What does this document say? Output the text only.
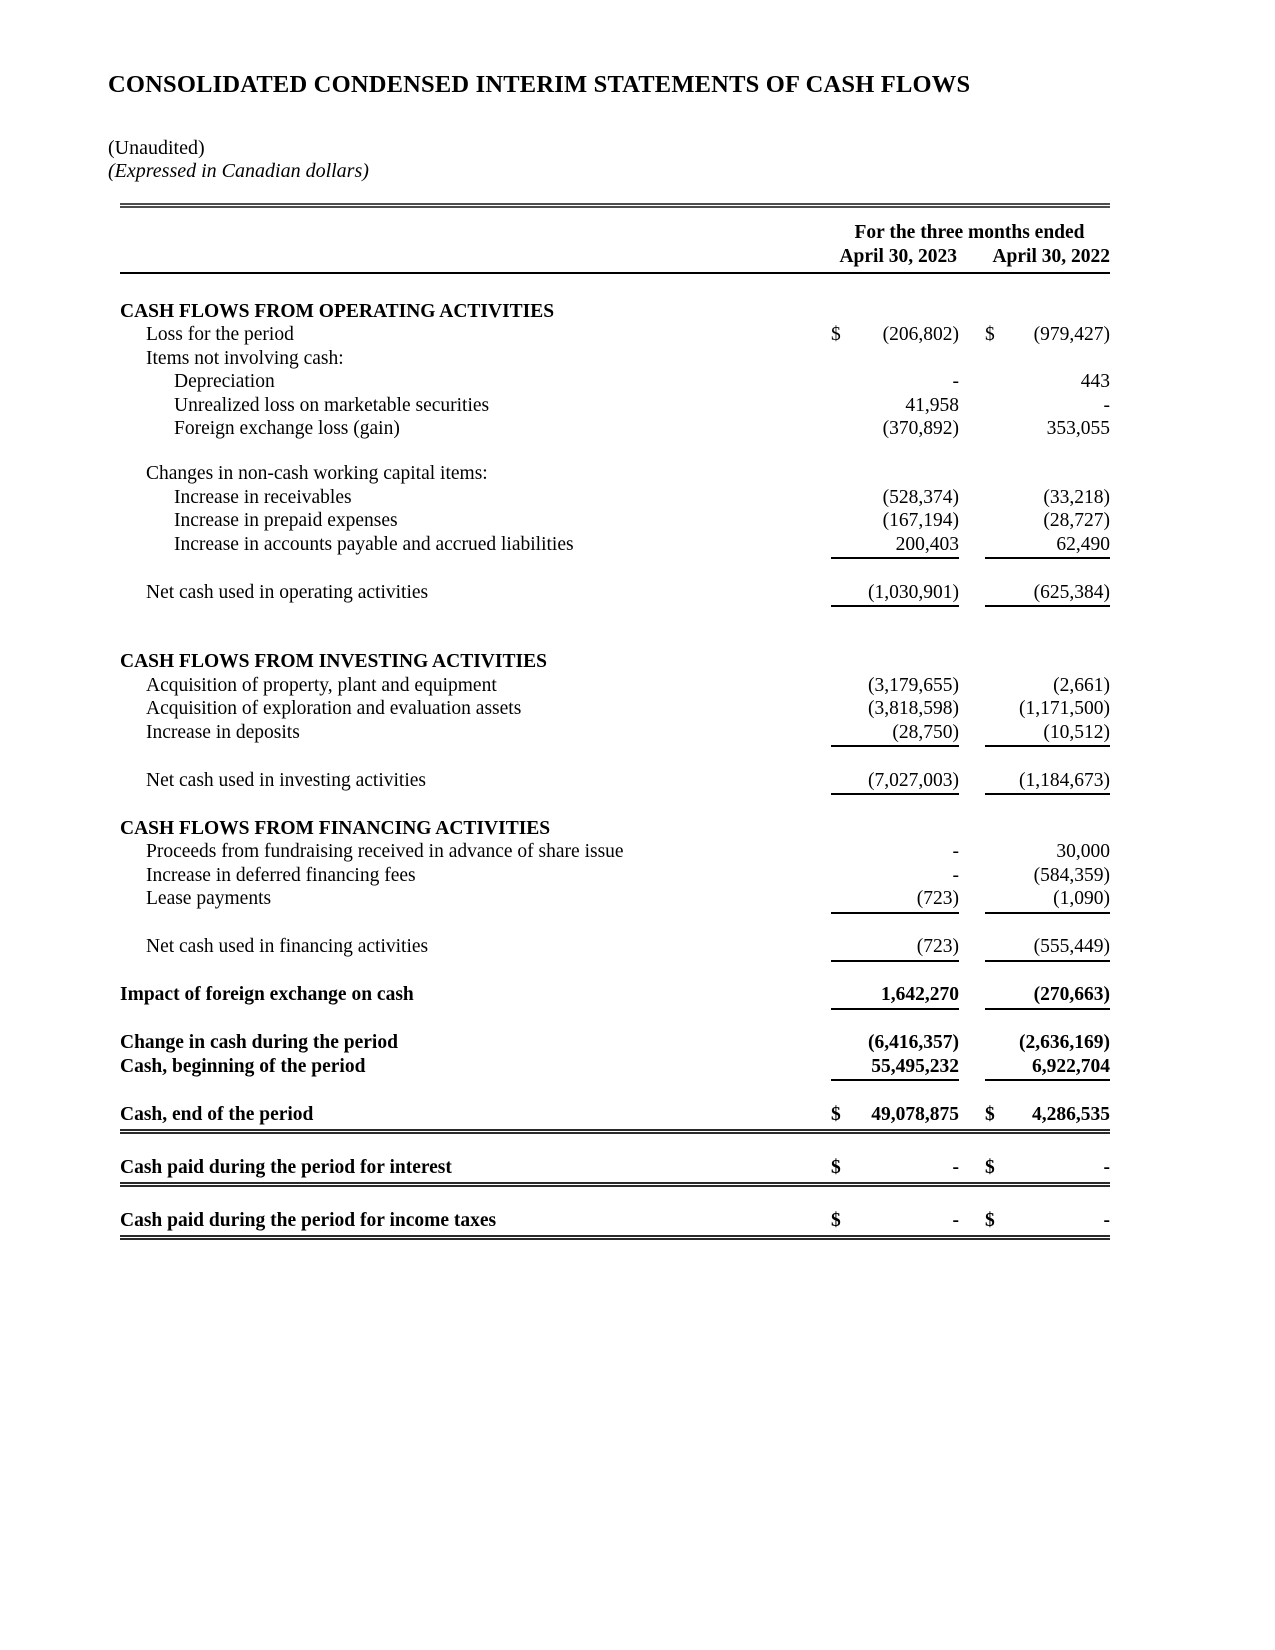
CONSOLIDATED CONDENSED INTERIM STATEMENTS OF CASH FLOWS
(Unaudited)
(Expressed in Canadian dollars)
For the three months ended
April 30, 2023	April 30, 2022
CASH FLOWS FROM OPERATING ACTIVITIES
Loss for the period	$ (206,802) $ (979,427)
Items not involving cash:
Depreciation	-	443
Unrealized loss on marketable securities	41,958	-
Foreign exchange loss (gain)	(370,892)	353,055
Changes in non-cash working capital items:
Increase in receivables	(528,374)	(33,218)
Increase in prepaid expenses	(167,194)	(28,727)
Increase in accounts payable and accrued liabilities	200,403	62,490
Net cash used in operating activities	(1,030,901)	(625,384)
CASH FLOWS FROM INVESTING ACTIVITIES
Acquisition of property, plant and equipment	(3,179,655)	(2,661)
Acquisition of exploration and evaluation assets	(3,818,598)	(1,171,500)
Increase in deposits	(28,750)	(10,512)
Net cash used in investing activities	(7,027,003)	(1,184,673)
CASH FLOWS FROM FINANCING ACTIVITIES
Proceeds from fundraising received in advance of share issue	-	30,000
Increase in deferred financing fees	-	(584,359)
Lease payments	(723)	(1,090)
Net cash used in financing activities	(723)	(555,449)
Impact of foreign exchange on cash	1,642,270	(270,663)
Change in cash during the period	(6,416,357)	(2,636,169)
Cash, beginning of the period	55,495,232	6,922,704
Cash, end of the period	$ 49,078,875 $ 4,286,535
Cash paid during the period for interest	$	- $	-
Cash paid during the period for income taxes	$	- $	-
